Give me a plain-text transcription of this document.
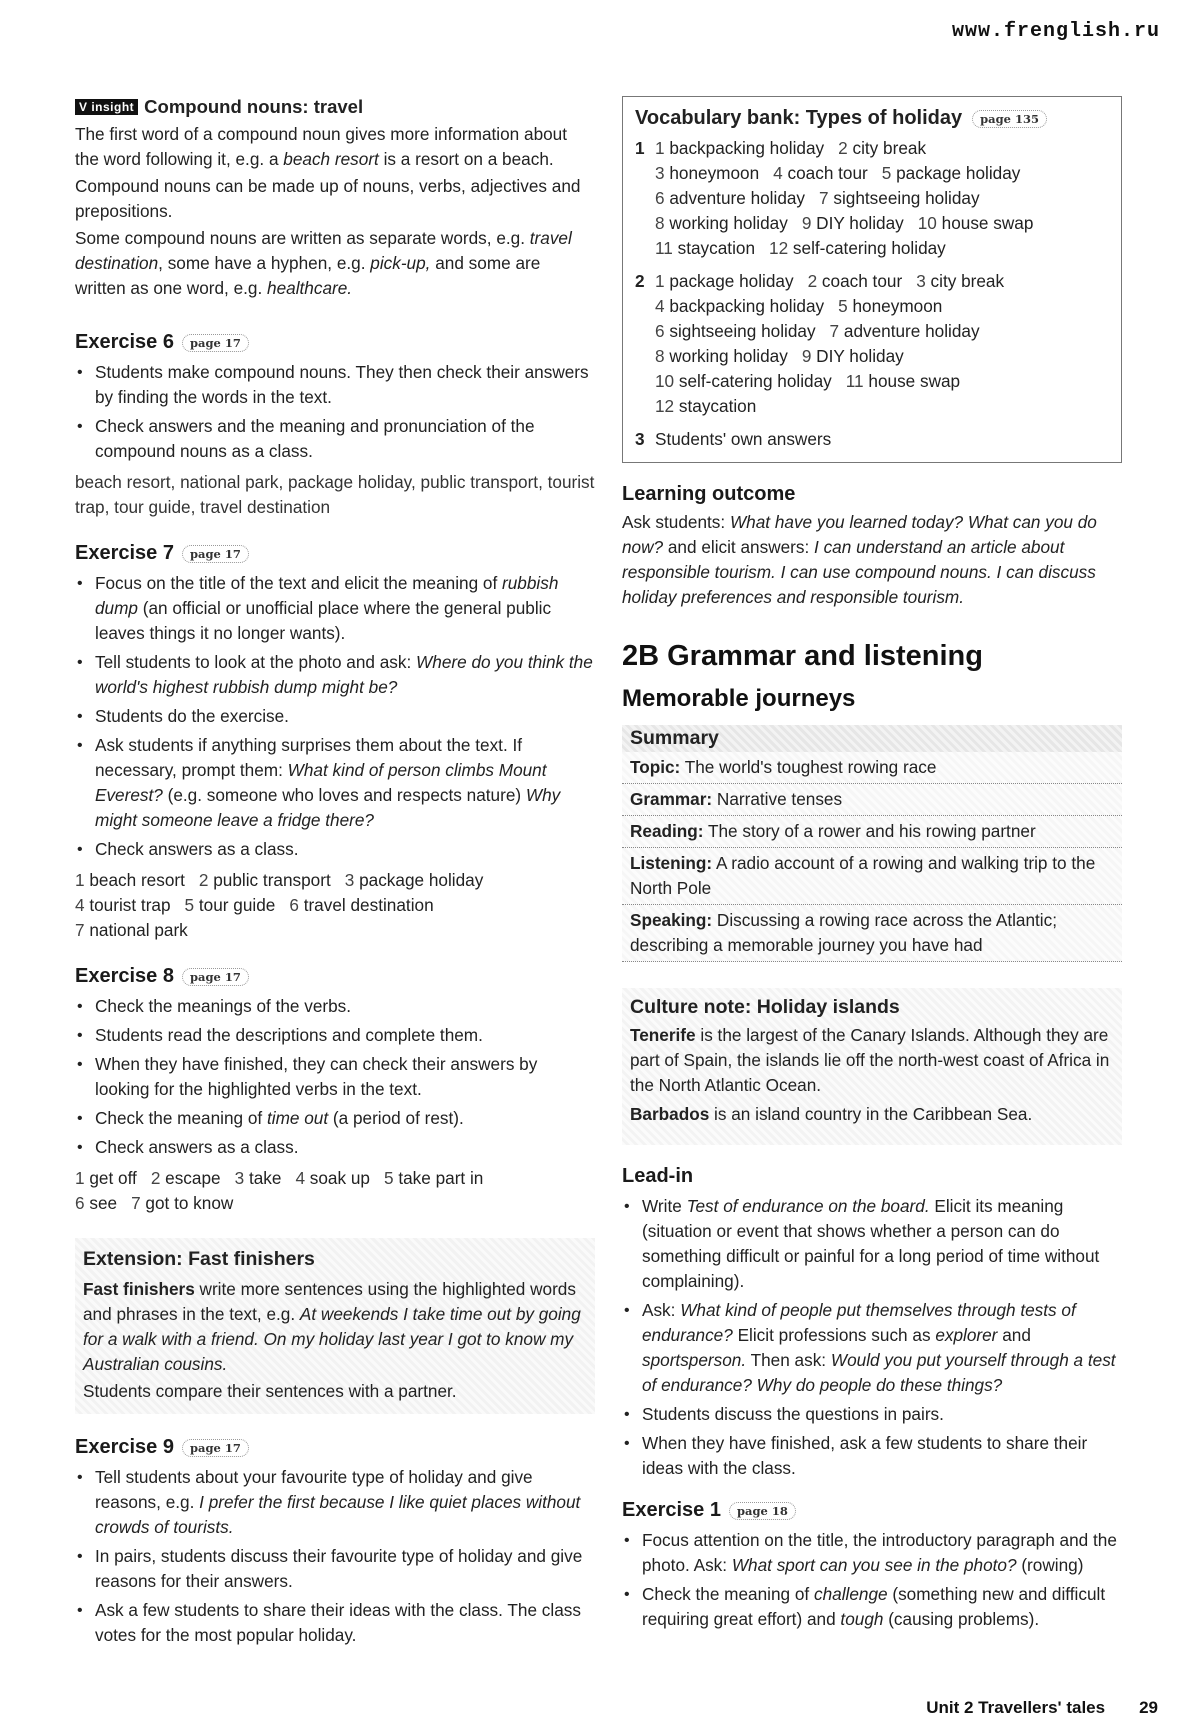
www.frenglish.ru
V insight Compound nouns: travel

The first word of a compound noun gives more information about the word following it, e.g. a beach resort is a resort on a beach.

Compound nouns can be made up of nouns, verbs, adjectives and prepositions.

Some compound nouns are written as separate words, e.g. travel destination, some have a hyphen, e.g. pick-up, and some are written as one word, e.g. healthcare.

Exercise 6	page 17
• Students make compound nouns. They then check their answers by finding the words in the text.
• Check answers and the meaning and pronunciation of the compound nouns as a class.

beach resort, national park, package holiday, public transport, tourist trap, tour guide, travel destination

Exercise 7	page 17
• Focus on the title of the text and elicit the meaning of rubbish dump (an official or unofficial place where the general public leaves things it no longer wants).
• Tell students to look at the photo and ask: Where do you think the world's highest rubbish dump might be?
• Students do the exercise.
• Ask students if anything surprises them about the text. If necessary, prompt them: What kind of person climbs Mount Everest? (e.g. someone who loves and respects nature) Why might someone leave a fridge there?
• Check answers as a class.
1 beach resort 2 public transport 3 package holiday
4 tourist trap 5 tour guide 6 travel destination
7 national park
Exercise 8	page 17
• Check the meanings of the verbs.
• Students read the descriptions and complete them.
• When they have finished, they can check their answers by looking for the highlighted verbs in the text.
• Check the meaning of time out (a period of rest).
• Check answers as a class.
1 get off 2 escape 3 take 4 soak up 5 take part in
6 see 7 got to know
Extension: Fast finishers

Fast finishers write more sentences using the highlighted words and phrases in the text, e.g. At weekends I take time out by going for a walk with a friend. On my holiday last year I got to know my Australian cousins.

Students compare their sentences with a partner.

Exercise 9	page 17
• Tell students about your favourite type of holiday and give reasons, e.g. I prefer the first because I like quiet places without crowds of tourists.
• In pairs, students discuss their favourite type of holiday and give reasons for their answers.
• Ask a few students to share their ideas with the class. The class votes for the most popular holiday.
Vocabulary bank: Types of holiday	page 135
1 1 backpacking holiday 2 city break
3 honeymoon 4 coach tour 5 package holiday
6 adventure holiday 7 sightseeing holiday
8 working holiday 9 DIY holiday 10 house swap
11 staycation 12 self-catering holiday
2 1 package holiday 2 coach tour 3 city break
4 backpacking holiday 5 honeymoon
6 sightseeing holiday 7 adventure holiday
8 working holiday 9 DIY holiday
10 self-catering holiday 11 house swap
12 staycation
3 Students' own answers
Learning outcome

Ask students: What have you learned today? What can you do now? and elicit answers: I can understand an article about responsible tourism. I can use compound nouns. I can discuss holiday preferences and responsible tourism.

2B Grammar and listening
Memorable journeys
Summary
Topic: The world's toughest rowing race
Grammar: Narrative tenses
Reading: The story of a rower and his rowing partner
Listening: A radio account of a rowing and walking trip to the North Pole
Speaking: Discussing a rowing race across the Atlantic; describing a memorable journey you have had
Culture note: Holiday islands

Tenerife is the largest of the Canary Islands. Although they are part of Spain, the islands lie off the north-west coast of Africa in the North Atlantic Ocean.

Barbados is an island country in the Caribbean Sea.

Lead-in
• Write Test of endurance on the board. Elicit its meaning (situation or event that shows whether a person can do something difficult or painful for a long period of time without complaining).
• Ask: What kind of people put themselves through tests of endurance? Elicit professions such as explorer and sportsperson. Then ask: Would you put yourself through a test of endurance? Why do people do these things?
• Students discuss the questions in pairs.
• When they have finished, ask a few students to share their ideas with the class.
Exercise 1	page 18
• Focus attention on the title, the introductory paragraph and the photo. Ask: What sport can you see in the photo? (rowing)
• Check the meaning of challenge (something new and difficult requiring great effort) and tough (causing problems).
Unit 2 Travellers' tales 29
